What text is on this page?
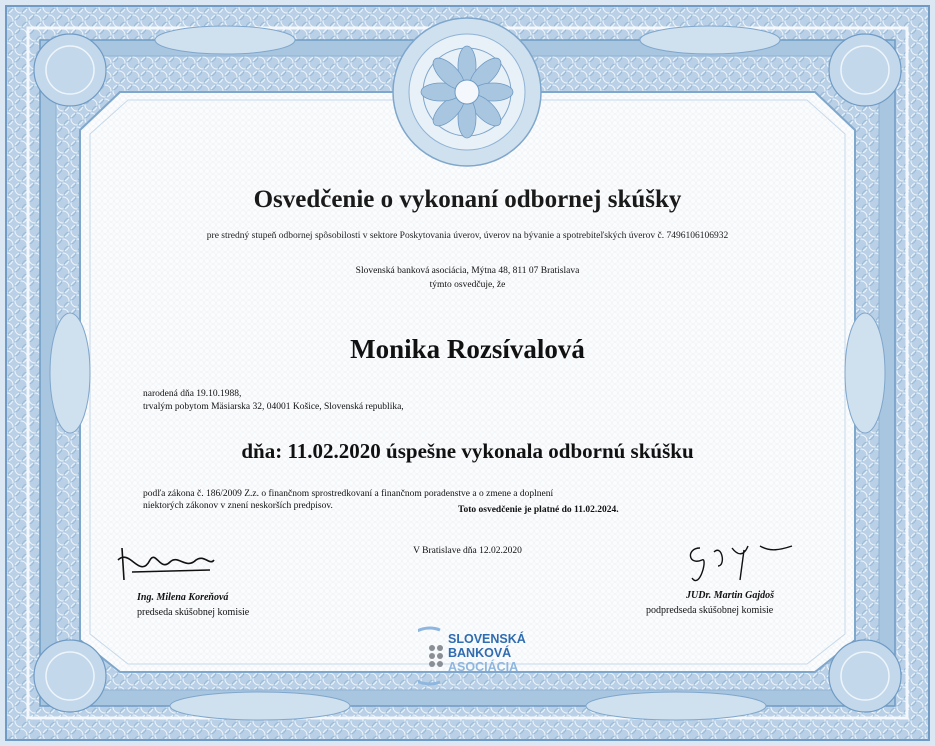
Osvedčenie o vykonaní odbornej skúšky
pre stredný stupeň odbornej spôsobilosti v sektore Poskytovania úverov, úverov na bývanie a spotrebiteľských úverov č. 7496106106932
Slovenská banková asociácia, Mýtna 48, 811 07 Bratislava
týmto osvedčuje, že
Monika Rozsívalová
narodená dňa 19.10.1988,
trvalým pobytom Mäsiarska 32, 04001 Košice, Slovenská republika,
dňa: 11.02.2020 úspešne vykonala odbornú skúšku
podľa zákona č. 186/2009 Z.z. o finančnom sprostredkovaní a finančnom poradenstve a o zmene a doplnení
niektorých zákonov v znení neskorších predpisov.	Toto osvedčenie je platné do 11.02.2024.
V Bratislave dňa 12.02.2020
Ing. Milena Koreňová
predseda skúšobnej komisie
JUDr. Martin Gajdoš
podpredseda skúšobnej komisie
SLOVENSKÁ
BANKOVÁ
ASOCIÁCIA
